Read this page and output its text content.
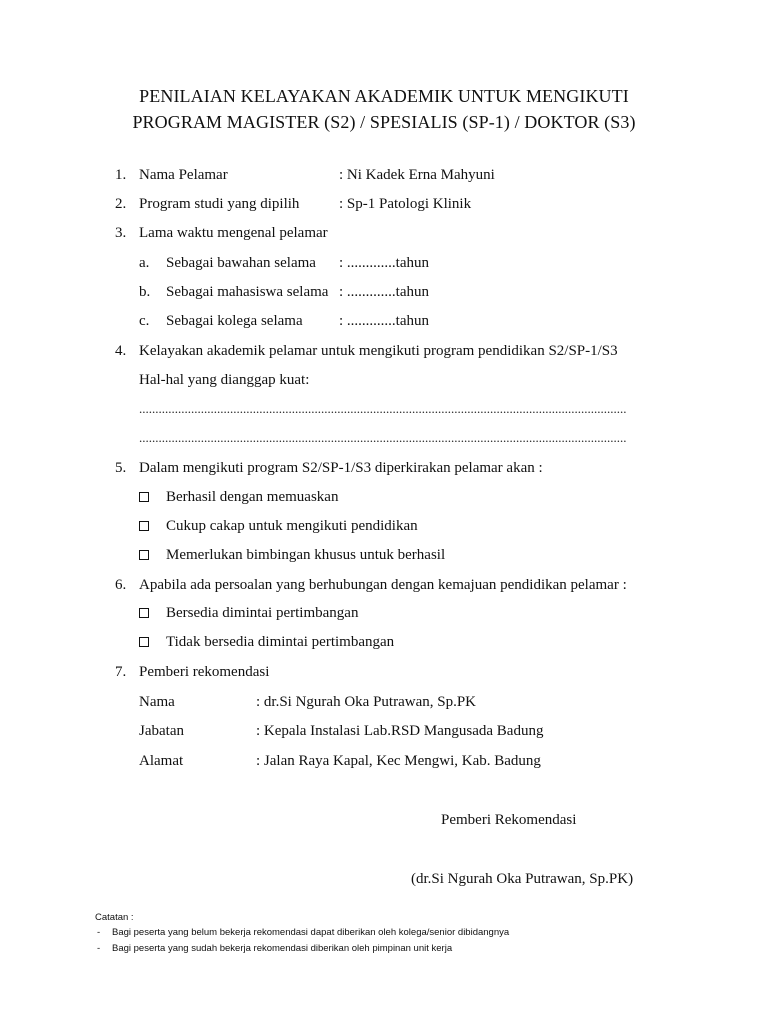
PENILAIAN KELAYAKAN AKADEMIK UNTUK MENGIKUTI
PROGRAM MAGISTER (S2) / SPESIALIS (SP-1) / DOKTOR (S3)
1. Nama Pelamar	: Ni Kadek Erna Mahyuni
2. Program studi yang dipilih	: Sp-1 Patologi Klinik
3. Lama waktu mengenal pelamar
a. Sebagai bawahan selama : .............tahun
b. Sebagai mahasiswa selama : .............tahun
c. Sebagai kolega selama : .............tahun
4. Kelayakan akademik pelamar untuk mengikuti program pendidikan S2/SP-1/S3
Hal-hal yang dianggap kuat:
......................................................................................................................................................
......................................................................................................................................................
5. Dalam mengikuti program S2/SP-1/S3 diperkirakan pelamar akan :
Berhasil dengan memuaskan
Cukup cakap untuk mengikuti pendidikan
Memerlukan bimbingan khusus untuk berhasil
6. Apabila ada persoalan yang berhubungan dengan kemajuan pendidikan pelamar :
Bersedia dimintai pertimbangan
Tidak bersedia dimintai pertimbangan
7. Pemberi rekomendasi
Nama	: dr.Si Ngurah Oka Putrawan, Sp.PK
Jabatan	: Kepala Instalasi Lab.RSD Mangusada Badung
Alamat	: Jalan Raya Kapal, Kec Mengwi, Kab. Badung
Pemberi Rekomendasi
(dr.Si Ngurah Oka Putrawan, Sp.PK)
Catatan :
- Bagi peserta yang belum bekerja rekomendasi dapat diberikan oleh kolega/senior dibidangnya
- Bagi peserta yang sudah bekerja rekomendasi diberikan oleh pimpinan unit kerja
